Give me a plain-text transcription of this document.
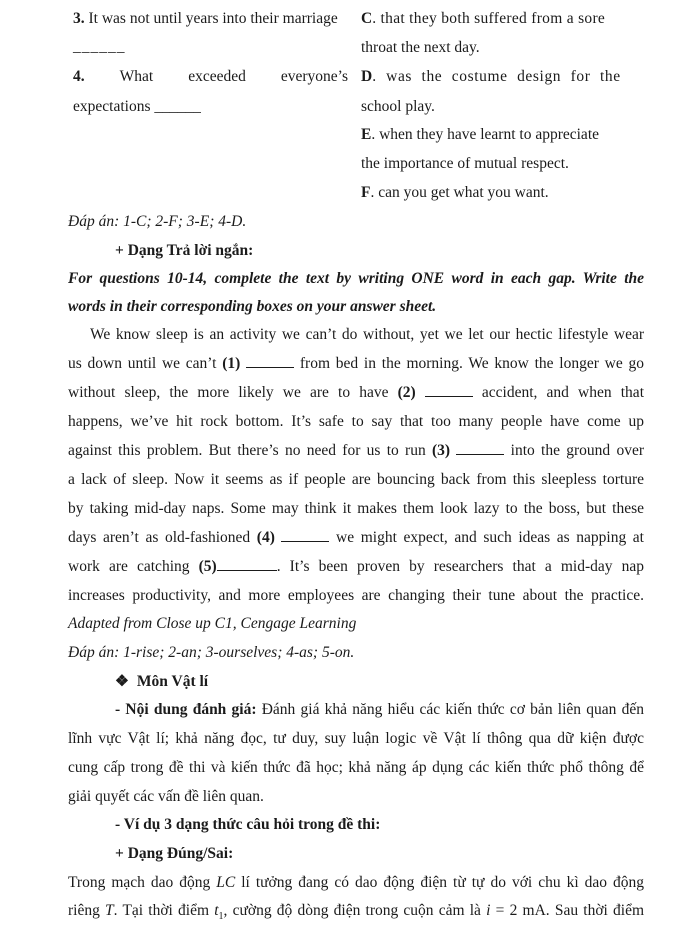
3. It was not until years into their marriage
______
C. that they both suffered from a sore
throat the next day.
4. What exceeded everyone’s
expectations ______
D. was the costume design for the
school play.
E. when they have learnt to appreciate
the importance of mutual respect.
F. can you get what you want.
Đáp án: 1-C; 2-F; 3-E; 4-D.
+ Dạng Trả lời ngắn:
For questions 10-14, complete the text by writing ONE word in each gap. Write the
words in their corresponding boxes on your answer sheet.
We know sleep is an activity we can’t do without, yet we let our hectic lifestyle wear
us down until we can’t (1)	from bed in the morning. We know the longer we go
without sleep, the more likely we are to have (2)	accident, and when that
happens, we’ve hit rock bottom. It’s safe to say that too many people have come up
against this problem. But there’s no need for us to run (3)	into the ground over
a lack of sleep. Now it seems as if people are bouncing back from this sleepless torture
by taking mid-day naps. Some may think it makes them look lazy to the boss, but these
days aren’t as old-fashioned (4)	we might expect, and such ideas as napping at
work are catching (5)	. It’s been proven by researchers that a mid-day nap
increases productivity, and more employees are changing their tune about the practice.
Adapted from Close up C1, Cengage Learning
Đáp án: 1-rise; 2-an; 3-ourselves; 4-as; 5-on.
❖ Môn Vật lí
- Nội dung đánh giá: Đánh giá khả năng hiểu các kiến thức cơ bản liên quan đến
lĩnh vực Vật lí; khả năng đọc, tư duy, suy luận logic về Vật lí thông qua dữ kiện được
cung cấp trong đề thi và kiến thức đã học; khả năng áp dụng các kiến thức phổ thông để
giải quyết các vấn đề liên quan.
- Ví dụ 3 dạng thức câu hỏi trong đề thi:
+ Dạng Đúng/Sai:
Trong mạch dao động LC lí tưởng đang có dao động điện từ tự do với chu kì dao động
riêng T. Tại thời điểm $t_1$, cường độ dòng điện trong cuộn cảm là i = 2 mA. Sau thời điểm
